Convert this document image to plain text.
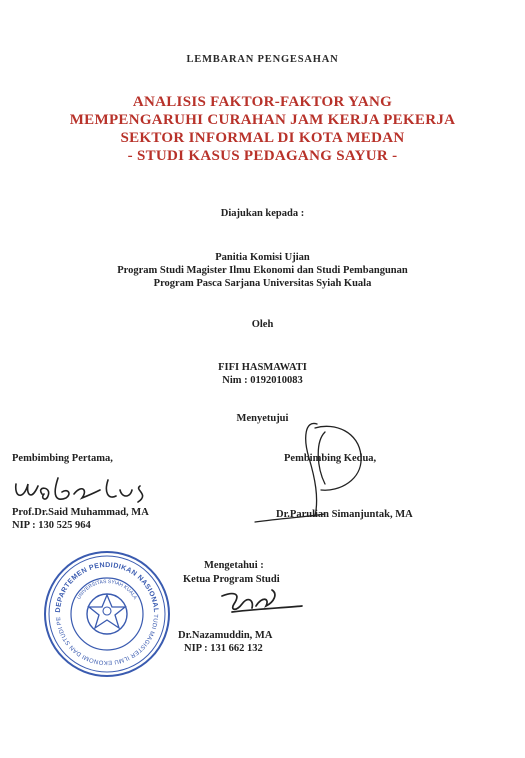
LEMBARAN PENGESAHAN
ANALISIS FAKTOR-FAKTOR YANG
MEMPENGARUHI CURAHAN JAM KERJA PEKERJA
SEKTOR INFORMAL DI KOTA MEDAN
- STUDI KASUS PEDAGANG SAYUR -
Diajukan kepada :
Panitia Komisi Ujian
Program Studi Magister Ilmu Ekonomi dan Studi Pembangunan
Program Pasca Sarjana Universitas Syiah Kuala
Oleh
FIFI HASMAWATI
Nim : 0192010083
Menyetujui
Pembimbing Pertama,
Prof.Dr.Said Muhammad, MA
NIP : 130 525 964
Pembimbing Kedua,
Dr.Parulian Simanjuntak, MA
Mengetahui :
Ketua Program Studi
Dr.Nazamuddin, MA
NIP : 131 662 132
DEPARTEMEN PENDIDIKAN NASIONAL
PROGRAM STUDI MAGISTER ILMU EKONOMI DAN STUDI PEMBANGUNAN
UNIVERSITAS SYIAH KUALA
